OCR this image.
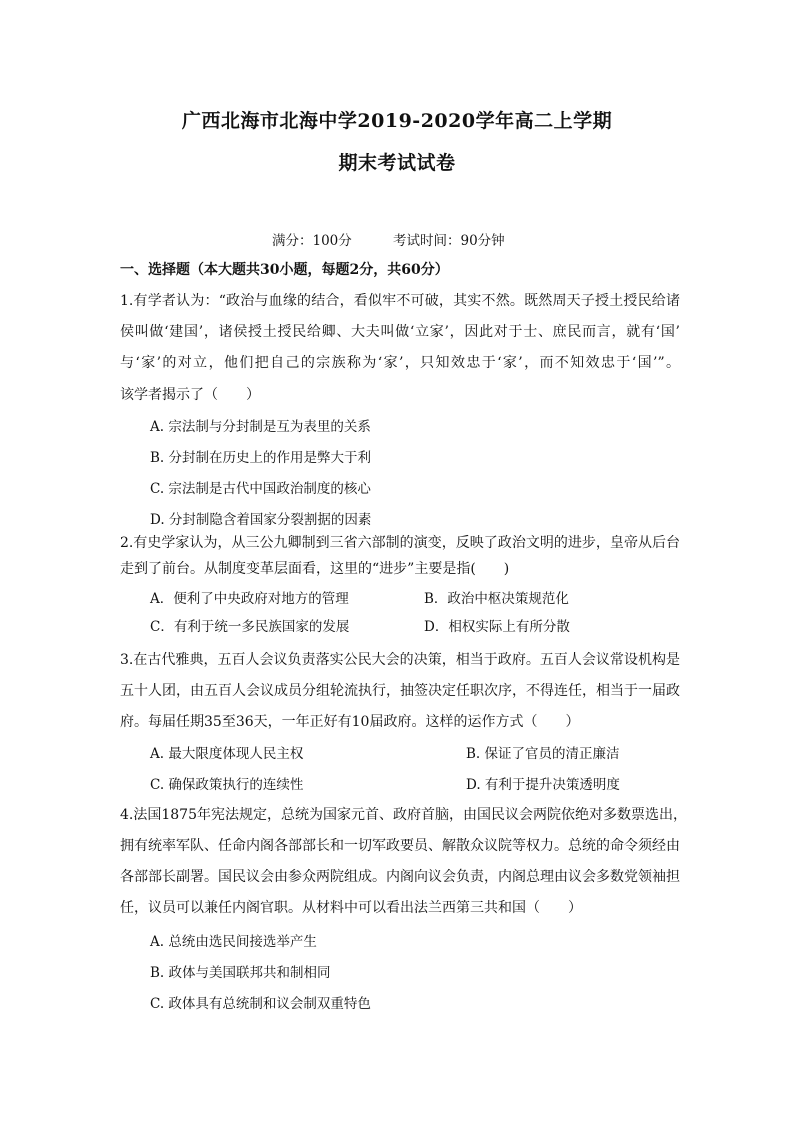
广西北海市北海中学2019-2020学年高二上学期
期末考试试卷
满分：100分	考试时间：90分钟
一、选择题（本大题共30小题，每题2分，共60分）
1.有学者认为：“政治与血缘的结合，看似牢不可破，其实不然。既然周天子授土授民给诸
侯叫做‘建国’，诸侯授土授民给卿、大夫叫做‘立家’，因此对于士、庶民而言，就有‘国’
与‘家’的对立，他们把自己的宗族称为‘家’，只知效忠于‘家’，而不知效忠于‘国’”。
该学者揭示了（　　）
A. 宗法制与分封制是互为表里的关系
B. 分封制在历史上的作用是弊大于利
C. 宗法制是古代中国政治制度的核心
D. 分封制隐含着国家分裂割据的因素
2.有史学家认为，从三公九卿制到三省六部制的演变，反映了政治文明的进步，皇帝从后台
走到了前台。从制度变革层面看，这里的“进步”主要是指(　　)
A．便利了中央政府对地方的管理	B．政治中枢决策规范化
C．有利于统一多民族国家的发展	D．相权实际上有所分散
3.在古代雅典，五百人会议负责落实公民大会的决策，相当于政府。五百人会议常设机构是
五十人团，由五百人会议成员分组轮流执行，抽签决定任职次序，不得连任，相当于一届政
府。每届任期35至36天，一年正好有10届政府。这样的运作方式（　　）
A. 最大限度体现人民主权	B. 保证了官员的清正廉洁
C. 确保政策执行的连续性	D. 有利于提升决策透明度
4.法国1875年宪法规定，总统为国家元首、政府首脑，由国民议会两院依绝对多数票选出，
拥有统率军队、任命内阁各部部长和一切军政要员、解散众议院等权力。总统的命令须经由
各部部长副署。国民议会由参众两院组成。内阁向议会负责，内阁总理由议会多数党领袖担
任，议员可以兼任内阁官职。从材料中可以看出法兰西第三共和国（　　）
A. 总统由选民间接选举产生
B. 政体与美国联邦共和制相同
C. 政体具有总统制和议会制双重特色
